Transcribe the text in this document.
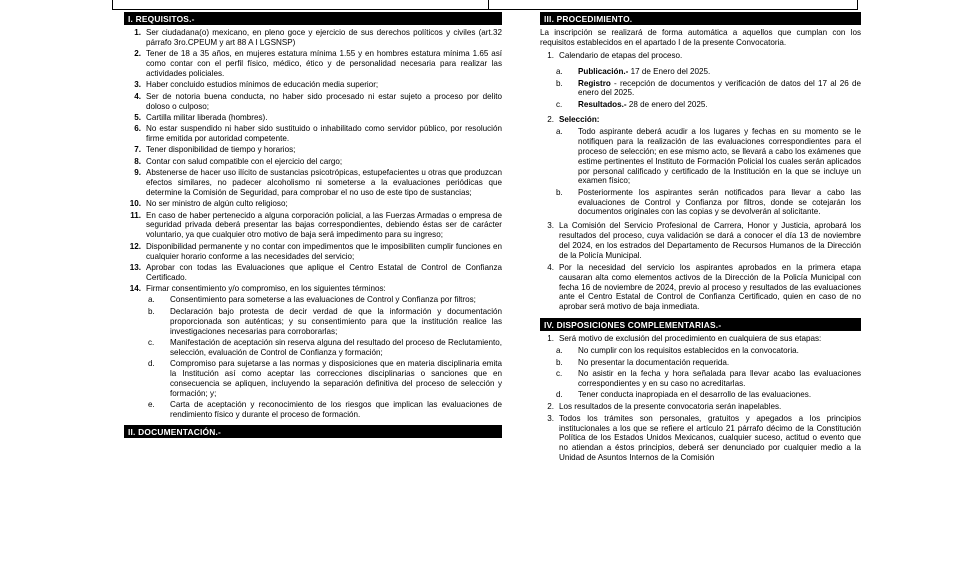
I. REQUISITOS.-
1. Ser ciudadana(o) mexicano, en pleno goce y ejercicio de sus derechos políticos y civiles (art.32 párrafo 3ro.CPEUM y art 88 A I LGSNSP)
2. Tener de 18 a 35 años, en mujeres estatura mínima 1.55 y en hombres estatura mínima 1.65 así como contar con el perfil físico, médico, ético y de personalidad necesaria para realizar las actividades policiales.
3. Haber concluido estudios mínimos de educación media superior;
4. Ser de notoria buena conducta, no haber sido procesado ni estar sujeto a proceso por delito doloso o culposo;
5. Cartilla militar liberada (hombres).
6. No estar suspendido ni haber sido sustituido o inhabilitado como servidor público, por resolución firme emitida por autoridad competente.
7. Tener disponibilidad de tiempo y horarios;
8. Contar con salud compatible con el ejercicio del cargo;
9. Abstenerse de hacer uso ilícito de sustancias psicotrópicas, estupefacientes u otras que produzcan efectos similares, no padecer alcoholismo ni someterse a la evaluaciones periódicas que determine la Comisión de Seguridad, para comprobar el no uso de este tipo de sustancias;
10. No ser ministro de algún culto religioso;
11. En caso de haber pertenecido a alguna corporación policial, a las Fuerzas Armadas o empresa de seguridad privada deberá presentar las bajas correspondientes, debiendo éstas ser de carácter voluntario, ya que cualquier otro motivo de baja será impedimento para su ingreso;
12. Disponibilidad permanente y no contar con impedimentos que le imposibiliten cumplir funciones en cualquier horario conforme a las necesidades del servicio;
13. Aprobar con todas las Evaluaciones que aplique el Centro Estatal de Control de Confianza Certificado.
14. Firmar consentimiento y/o compromiso, en los siguientes términos:
a.	Consentimiento para someterse a las evaluaciones de Control y Confianza por filtros;
b.	Declaración bajo protesta de decir verdad de que la información y documentación proporcionada son auténticas; y su consentimiento para que la institución realice las investigaciones necesarias para corroborarlas;
c.	Manifestación de aceptación sin reserva alguna del resultado del proceso de Reclutamiento, selección, evaluación de Control de Confianza y formación;
d.	Compromiso para sujetarse a las normas y disposiciones que en materia disciplinaria emita la Institución así como aceptar las correcciones disciplinarias o sanciones que en consecuencia se apliquen, incluyendo la separación definitiva del proceso de selección y formación; y;
e.	Carta de aceptación y reconocimiento de los riesgos que implican las evaluaciones de rendimiento físico y durante el proceso de formación.
II. DOCUMENTACIÓN.-
III. PROCEDIMIENTO.
La inscripción se realizará de forma automática a aquellos que cumplan con los requisitos establecidos en el apartado I de la presente Convocatoria.
1. Calendario de etapas del proceso.
a.	Publicación.- 17 de Enero del 2025.
b.	Registro - recepción de documentos y verificación de datos del 17 al 26 de enero del 2025.
c.	Resultados.- 28 de enero del 2025.
2. Selección:
a.	Todo aspirante deberá acudir a los lugares y fechas en su momento se le notifiquen para la realización de las evaluaciones correspondientes para el proceso de selección; en ese mismo acto, se llevará a cabo los exámenes que estime pertinentes el Instituto de Formación Policial los cuales serán aplicados por personal calificado y certificado de la Institución en la que se incluye un examen físico;
b.	Posteriormente los aspirantes serán notificados para llevar a cabo las evaluaciones de Control y Confianza por filtros, donde se cotejarán los documentos originales con las copias y se devolverán al solicitante.
3. La Comisión del Servicio Profesional de Carrera, Honor y Justicia, aprobará los resultados del proceso, cuya validación se dará a conocer el día 13 de noviembre del 2024, en los estrados del Departamento de Recursos Humanos de la Dirección de la Policía Municipal.
4. Por la necesidad del servicio los aspirantes aprobados en la primera etapa causaran alta como elementos activos de la Dirección de la Policía Municipal con fecha 16 de noviembre de 2024, previo al proceso y resultados de las evaluaciones ante el Centro Estatal de Control de Confianza Certificado, quien en caso de no aprobar será motivo de baja inmediata.
IV. DISPOSICIONES COMPLEMENTARIAS.-
1. Será motivo de exclusión del procedimiento en cualquiera de sus etapas:
a.	No cumplir con los requisitos establecidos en la convocatoria.
b.	No presentar la documentación requerida.
c.	No asistir en la fecha y hora señalada para llevar acabo las evaluaciones correspondientes y en su caso no acreditarlas.
d.	Tener conducta inapropiada en el desarrollo de las evaluaciones.
2. Los resultados de la presente convocatoria serán inapelables.
3. Todos los trámites son personales, gratuitos y apegados a los principios institucionales a los que se refiere el artículo 21 párrafo décimo de la Constitución Política de los Estados Unidos Mexicanos, cualquier suceso, actitud o evento que no atiendan a éstos principios, deberá ser denunciado por cualquier medio a la Unidad de Asuntos Internos de la Comisión
